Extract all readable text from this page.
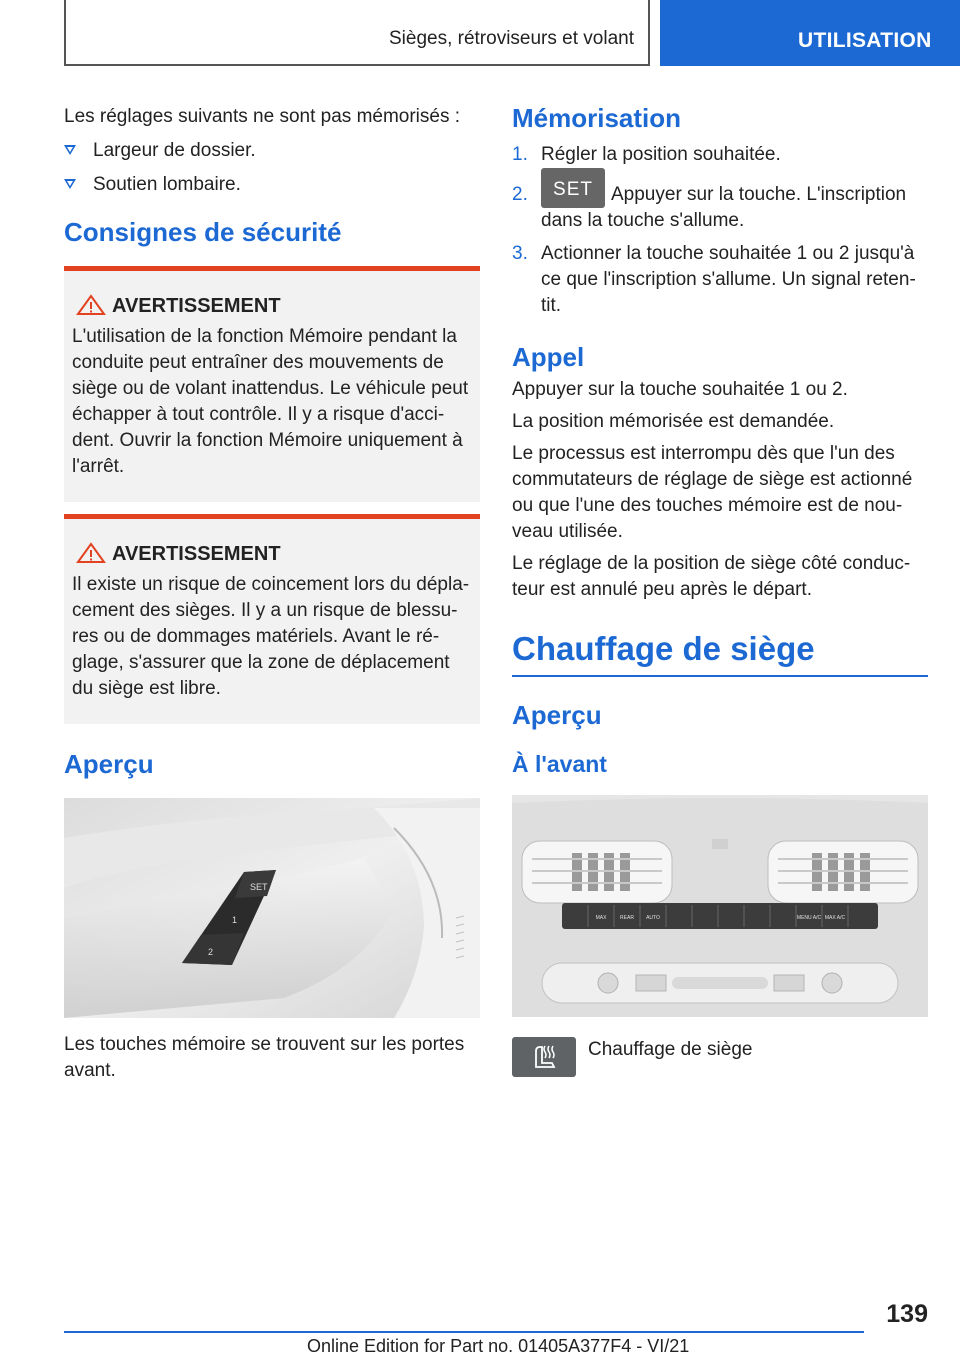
Sièges, rétroviseurs et volant	UTILISATION

Les réglages suivants ne sont pas mémorisés :

Largeur de dossier.
Soutien lombaire.
Consignes de sécurité
AVERTISSEMENT

L'utilisation de la fonction Mémoire pendant la conduite peut entraîner des mouvements de siège ou de volant inattendus. Le véhicule peut échapper à tout contrôle. Il y a risque d'acci-dent. Ouvrir la fonction Mémoire uniquement à l'arrêt.

AVERTISSEMENT

Il existe un risque de coincement lors du dépla-cement des sièges. Il y a un risque de blessu-res ou de dommages matériels. Avant le ré-glage, s'assurer que la zone de déplacement du siège est libre.

Aperçu
SET
1
2

Les touches mémoire se trouvent sur les portes avant.

Mémorisation
1. Régler la position souhaitée.
2.	SET Appuyer sur la touche. L'inscription dans la touche s'allume.
3. Actionner la touche souhaitée 1 ou 2 jusqu'à ce que l'inscription s'allume. Un signal reten-tit.
Appel

Appuyer sur la touche souhaitée 1 ou 2.

La position mémorisée est demandée.

Le processus est interrompu dès que l'un des commutateurs de réglage de siège est actionné ou que l'une des touches mémoire est de nou-veau utilisée.

Le réglage de la position de siège côté conduc-teur est annulé peu après le départ.

Chauffage de siège
Aperçu
À l'avant
MAX	REAR AUTO	MENU A/C MAX A/C
Chauffage de siège
139
Online Edition for Part no. 01405A377F4 - VI/21
